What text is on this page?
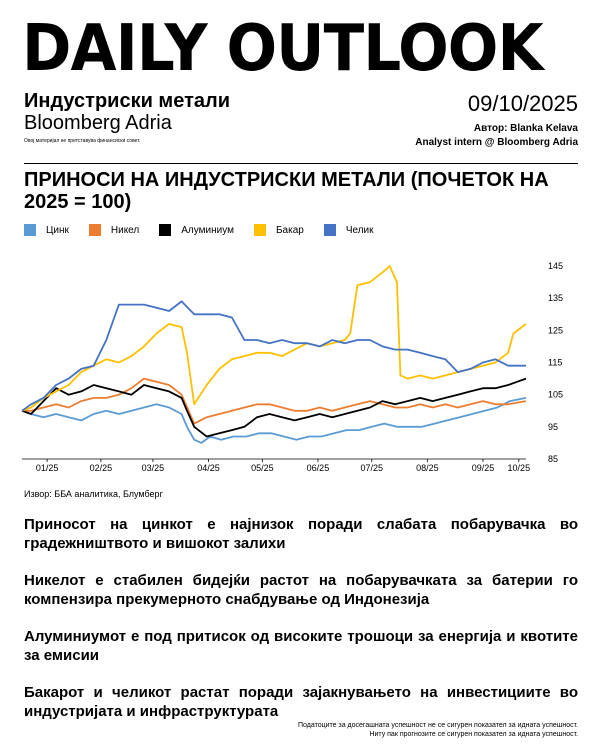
DAILY OUTLOOK
Индустриски метали
Bloomberg Adria
Овој материјал не претставува финансиски совет.
09/10/2025
Автор: Blanka Kelava
Analyst intern @ Bloomberg Adria
ПРИНОСИ НА ИНДУСТРИСКИ МЕТАЛИ (ПОЧЕТОК НА 2025 = 100)
Цинк	Никел	Алуминиум	Бакар	Челик
01/25	02/25	03/25	04/25	05/25	06/25	07/25	08/25	09/25 10/25
85
95
105
115
125
135
145
Извор: ББА аналитика, Блумберг
Приносот на цинкот е најнизок поради слабата побарувачка во градежништвото и вишокот залихи
Никелот е стабилен бидејќи растот на побарувачката за батерии го компензира прекумерното снабдување од Индонезија
Алуминиумот е под притисок од високите трошоци за енергија и квотите за емисии
Бакарот и челикот растат поради зајакнувањето на инвестициите во индустријата и инфраструктурата
Податоците за досегашната успешност не се сигурен показател за идната успешност.
Ниту пак прогнозите се сигурен показател за идната успешност.
